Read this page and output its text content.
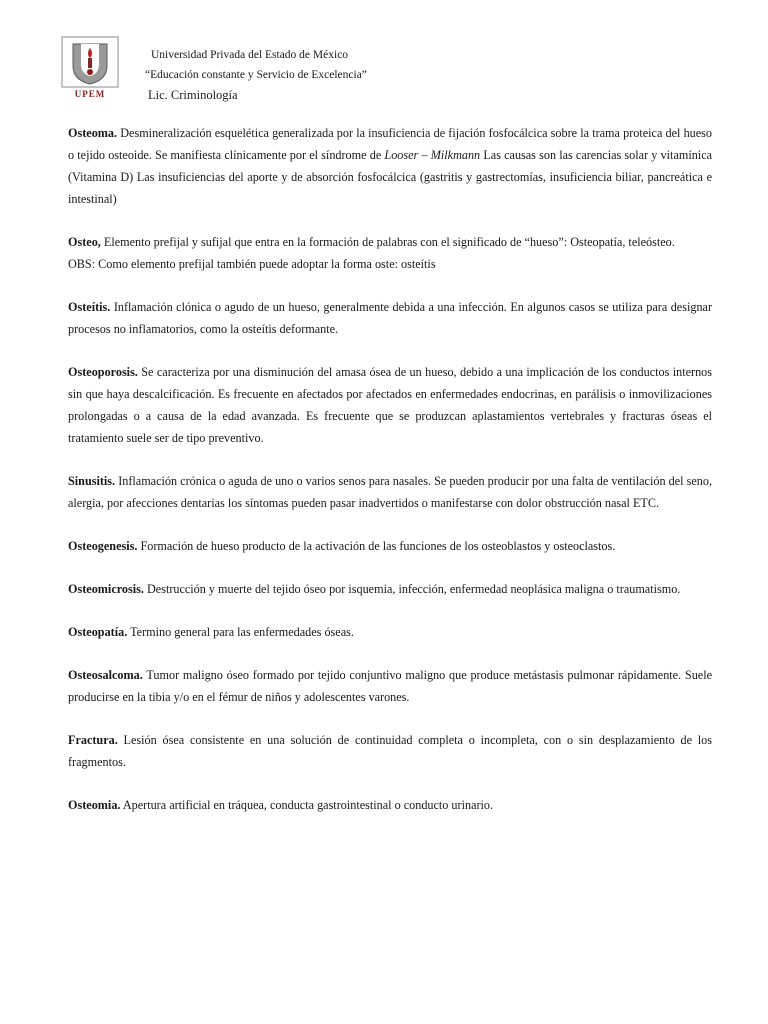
UPEM
Universidad Privada del Estado de México
“Educación constante y Servicio de Excelencia”
Lic. Criminología

Osteoma. Desmineralización esquelética generalizada por la insuficiencia de fijación fosfocálcica sobre la trama proteica del hueso o tejido osteoide. Se manifiesta clínicamente por el síndrome de Looser – Milkmann Las causas son las carencias solar y vitamínica (Vitamina D) Las insuficiencias del aporte y de absorción fosfocálcica (gastritis y gastrectomías, insuficiencia biliar, pancreática e intestinal)

Osteo, Elemento prefijal y sufijal que entra en la formación de palabras con el significado de “hueso”: Osteopatía, teleósteo.
OBS: Como elemento prefijal también puede adoptar la forma oste: osteítis

Osteítis. Inflamación clónica o agudo de un hueso, generalmente debida a una infección. En algunos casos se utiliza para designar procesos no inflamatorios, como la osteítis deformante.

Osteoporosis. Se caracteriza por una disminución del amasa ósea de un hueso, debido a una implicación de los conductos internos sin que haya descalcificación. Es frecuente en afectados por afectados en enfermedades endocrinas, en parálisis o inmovilizaciones prolongadas o a causa de la edad avanzada. Es frecuente que se produzcan aplastamientos vertebrales y fracturas óseas el tratamiento suele ser de tipo preventivo.

Sinusitis. Inflamación crónica o aguda de uno o varios senos para nasales. Se pueden producir por una falta de ventilación del seno, alergia, por afecciones dentarias los síntomas pueden pasar inadvertidos o manifestarse con dolor obstrucción nasal ETC.

Osteogenesis. Formación de hueso producto de la activación de las funciones de los osteoblastos y osteoclastos.

Osteomicrosis. Destrucción y muerte del tejido óseo por isquemia, infección, enfermedad neoplásica maligna o traumatismo.

Osteopatía. Termino general para las enfermedades óseas.

Osteosalcoma. Tumor maligno óseo formado por tejido conjuntivo maligno que produce metástasis pulmonar rápidamente. Suele producirse en la tibia y/o en el fémur de niños y adolescentes varones.

Fractura. Lesión ósea consistente en una solución de continuidad completa o incompleta, con o sin desplazamiento de los fragmentos.

Osteomia. Apertura artificial en tráquea, conducta gastrointestinal o conducto urinario.
